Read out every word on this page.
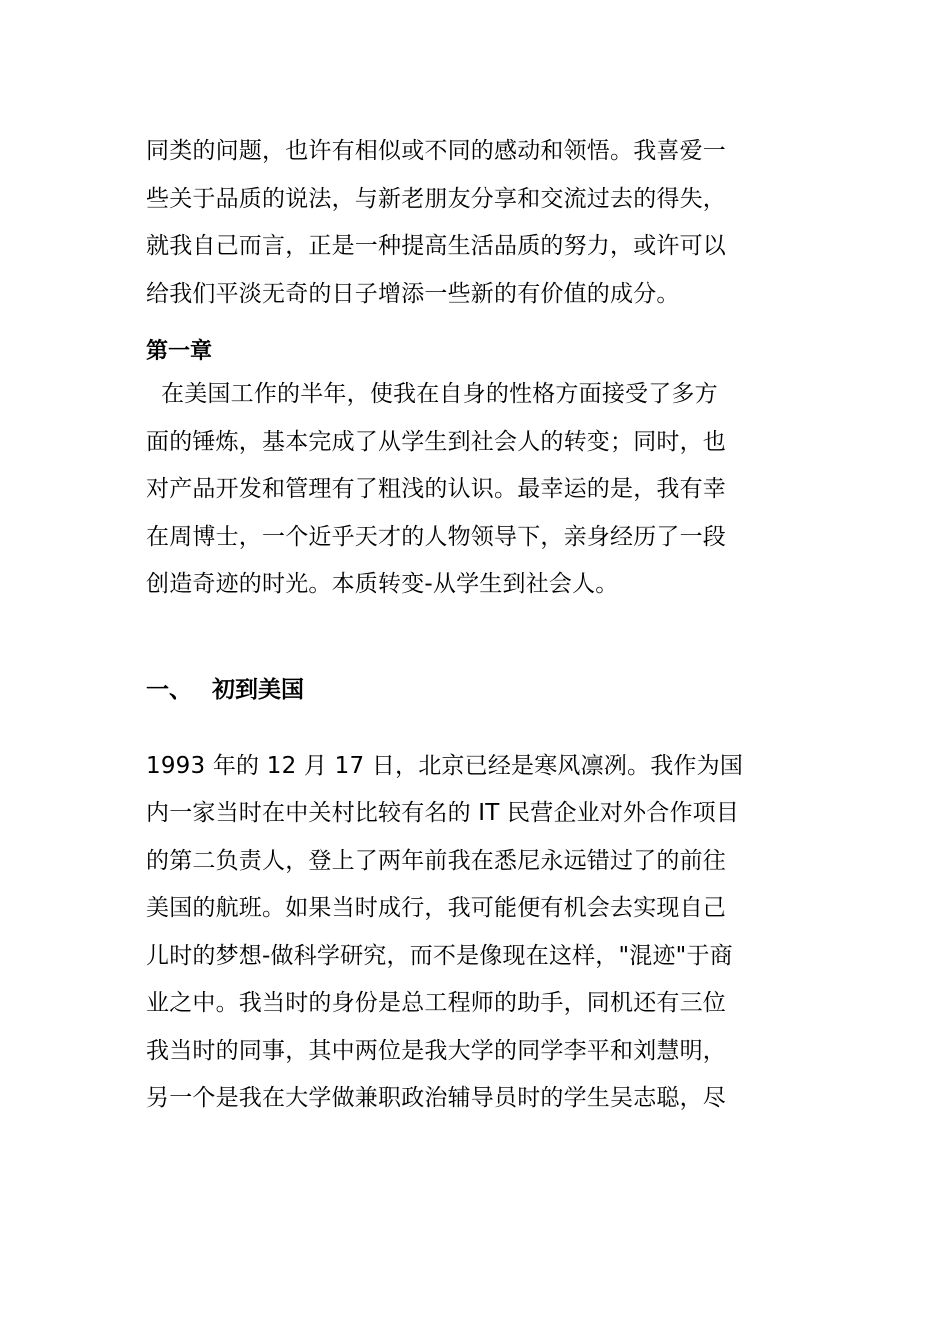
同类的问题，也许有相似或不同的感动和领悟。我喜爱一
些关于品质的说法，与新老朋友分享和交流过去的得失，
就我自己而言，正是一种提高生活品质的努力，或许可以
给我们平淡无奇的日子增添一些新的有价值的成分。
第一章
在美国工作的半年，使我在自身的性格方面接受了多方
面的锤炼，基本完成了从学生到社会人的转变；同时，也
对产品开发和管理有了粗浅的认识。最幸运的是，我有幸
在周博士，一个近乎天才的人物领导下，亲身经历了一段
创造奇迹的时光。本质转变-从学生到社会人。
一、 初到美国
1993 年的 12 月 17 日，北京已经是寒风凛冽。我作为国
内一家当时在中关村比较有名的 IT 民营企业对外合作项目
的第二负责人，登上了两年前我在悉尼永远错过了的前往
美国的航班。如果当时成行，我可能便有机会去实现自己
儿时的梦想-做科学研究，而不是像现在这样，"混迹"于商
业之中。我当时的身份是总工程师的助手，同机还有三位
我当时的同事，其中两位是我大学的同学李平和刘慧明，
另一个是我在大学做兼职政治辅导员时的学生吴志聪，尽
